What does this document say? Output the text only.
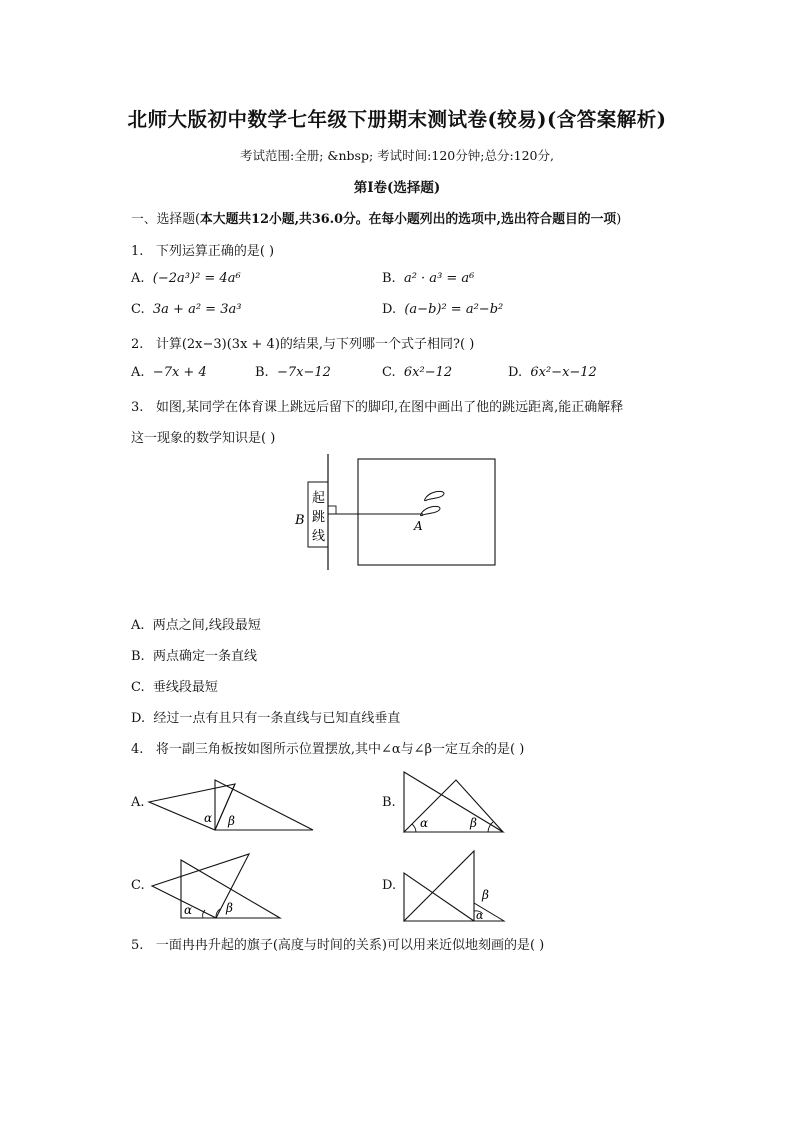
北师大版初中数学七年级下册期末测试卷(较易)(含答案解析)
考试范围:全册; &nbsp; 考试时间:120分钟;总分:120分,
第I卷(选择题)
一、选择题(本大题共12小题,共36.0分。在每小题列出的选项中,选出符合题目的一项)
1. 下列运算正确的是( )
A. (−2a³)² = 4a⁶	B. a² · a³ = a⁶
C. 3a + a² = 3a³	D. (a−b)² = a²−b²
2. 计算(2x−3)(3x + 4)的结果,与下列哪一个式子相同?( )
A. −7x + 4	B. −7x−12	C. 6x²−12	D. 6x²−x−12
3. 如图,某同学在体育课上跳远后留下的脚印,在图中画出了他的跳远距离,能正确解释
这一现象的数学知识是( )
起
跳
线
B	A
A. 两点之间,线段最短
B. 两点确定一条直线
C. 垂线段最短
D. 经过一点有且只有一条直线与已知直线垂直
4. 将一副三角板按如图所示位置摆放,其中∠α与∠β一定互余的是( )
A.
α β
B.
α	β
C.
α	β
D.
β
α
5. 一面冉冉升起的旗子(高度与时间的关系)可以用来近似地刻画的是( )
